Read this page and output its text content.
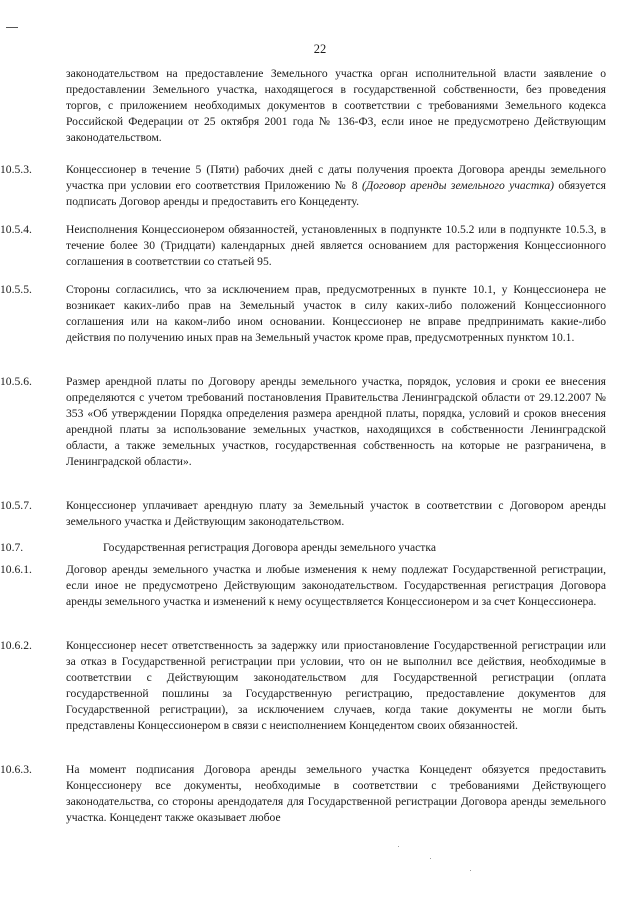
22

законодательством на предоставление Земельного участка орган исполнительной власти заявление о предоставлении Земельного участка, находящегося в государственной собственности, без проведения торгов, с приложением необходимых документов в соответствии с требованиями Земельного кодекса Российской Федерации от 25 октября 2001 года № 136-ФЗ, если иное не предусмотрено Действующим законодательством.

10.5.3.	Концессионер в течение 5 (Пяти) рабочих дней с даты получения проекта Договора аренды земельного участка при условии его соответствия Приложению № 8 (Договор аренды земельного участка) обязуется подписать Договор аренды и предоставить его Концеденту.

10.5.4.	Неисполнения Концессионером обязанностей, установленных в подпункте 10.5.2 или в подпункте 10.5.3, в течение более 30 (Тридцати) календарных дней является основанием для расторжения Концессионного соглашения в соответствии со статьей 95.

10.5.5.	Стороны согласились, что за исключением прав, предусмотренных в пункте 10.1, у Концессионера не возникает каких-либо прав на Земельный участок в силу каких-либо положений Концессионного соглашения или на каком-либо ином основании. Концессионер не вправе предпринимать какие-либо действия по получению иных прав на Земельный участок кроме прав, предусмотренных пунктом 10.1.

10.5.6.	Размер арендной платы по Договору аренды земельного участка, порядок, условия и сроки ее внесения определяются с учетом требований постановления Правительства Ленинградской области от 29.12.2007 № 353 «Об утверждении Порядка определения размера арендной платы, порядка, условий и сроков внесения арендной платы за использование земельных участков, находящихся в собственности Ленинградской области, а также земельных участков, государственная собственность на которые не разграничена, в Ленинградской области».

10.5.7.	Концессионер уплачивает арендную плату за Земельный участок в соответствии с Договором аренды земельного участка и Действующим законодательством.

10.7.	Государственная регистрация Договора аренды земельного участка
10.6.1.	Договор аренды земельного участка и любые изменения к нему подлежат Государственной регистрации, если иное не предусмотрено Действующим законодательством. Государственная регистрация Договора аренды земельного участка и изменений к нему осуществляется Концессионером и за счет Концессионера.

10.6.2.	Концессионер несет ответственность за задержку или приостановление Государственной регистрации или за отказ в Государственной регистрации при условии, что он не выполнил все действия, необходимые в соответствии с Действующим законодательством для Государственной регистрации (оплата государственной пошлины за Государственную регистрацию, предоставление документов для Государственной регистрации), за исключением случаев, когда такие документы не могли быть представлены Концессионером в связи с неисполнением Концедентом своих обязанностей.

10.6.3.	На момент подписания Договора аренды земельного участка Концедент обязуется предоставить Концессионеру все документы, необходимые в соответствии с требованиями Действующего законодательства, со стороны арендодателя для Государственной регистрации Договора аренды земельного участка. Концедент также оказывает любое
